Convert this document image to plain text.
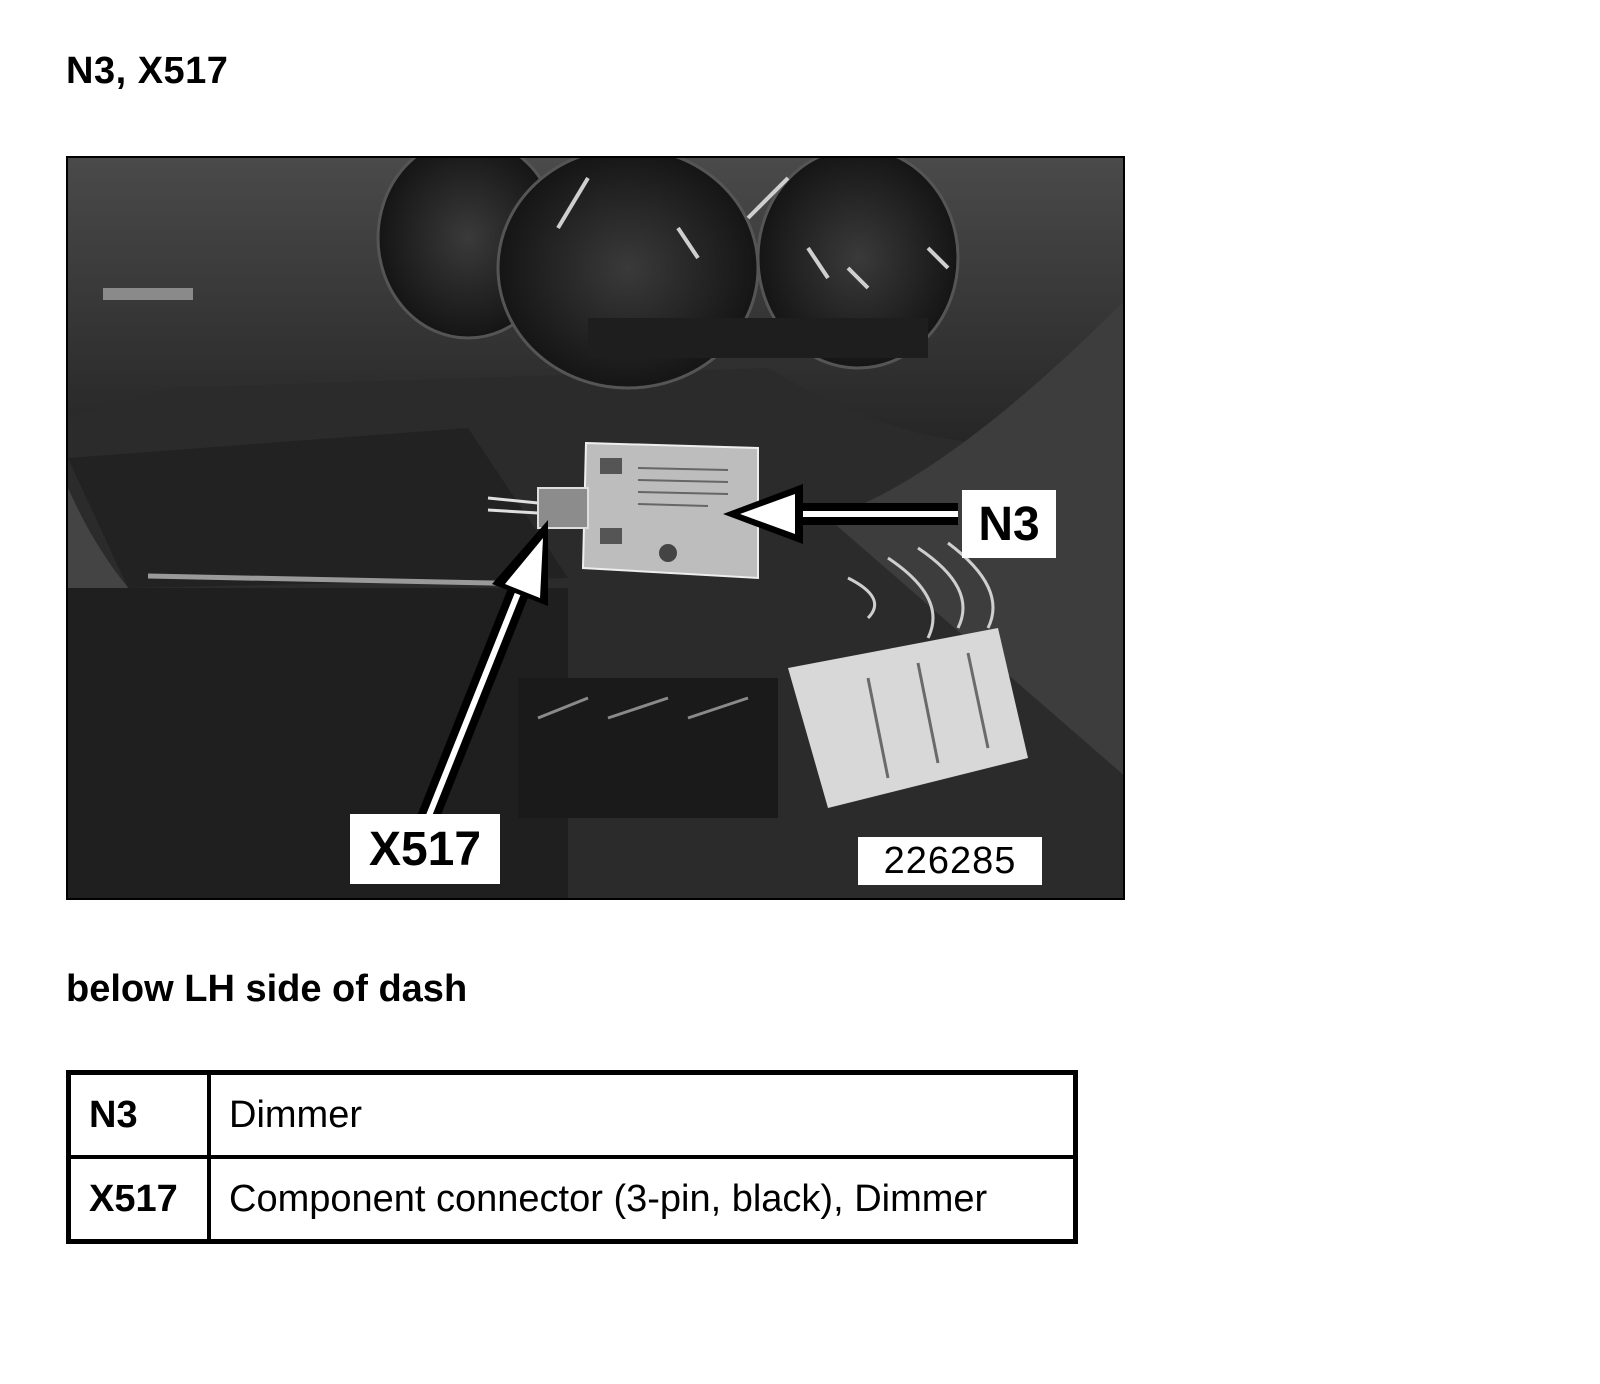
N3, X517
N3
X517	226285
below LH side of dash
N3	Dimmer
X517	Component connector (3-pin, black), Dimmer
